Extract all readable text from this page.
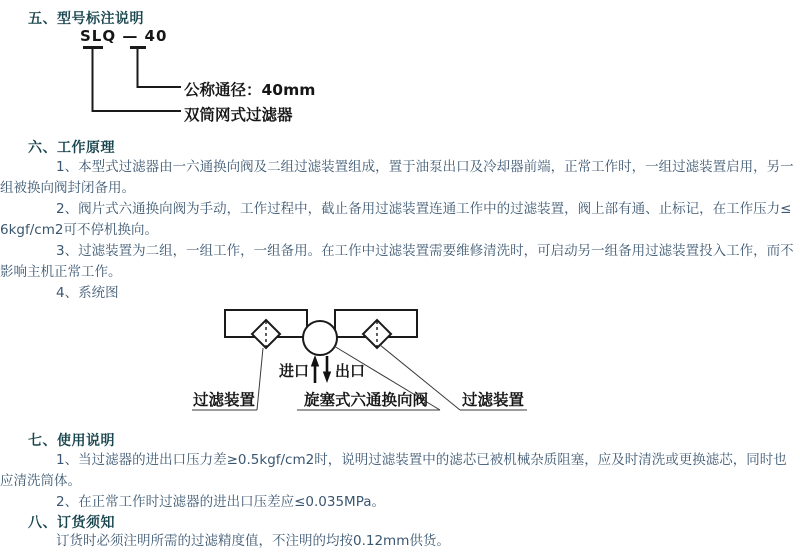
五、型号标注说明
SLQ — 40
公称通径：40mm
双筒网式过滤器
六、工作原理

1、本型式过滤器由一六通换向阀及二组过滤装置组成，置于油泵出口及冷却器前端，正常工作时，一组过滤装置启用，另一组被换向阀封闭备用。

2、阀片式六通换向阀为手动，工作过程中，截止备用过滤装置连通工作中的过滤装置，阀上部有通、止标记，在工作压力≤6kgf/cm2可不停机换向。

3、过滤装置为二组，一组工作，一组备用。在工作中过滤装置需要维修清洗时，可启动另一组备用过滤装置投入工作，而不影响主机正常工作。

4、系统图

进口 出口
过滤装置	旋塞式六通换向阀 过滤装置
七、使用说明

1、当过滤器的进出口压力差≥0.5kgf/cm2时，说明过滤装置中的滤芯已被机械杂质阻塞，应及时清洗或更换滤芯，同时也应清洗筒体。

2、在正常工作时过滤器的进出口压差应≤0.035MPa。

八、订货须知

订货时必须注明所需的过滤精度值，不注明的均按0.12mm供货。
